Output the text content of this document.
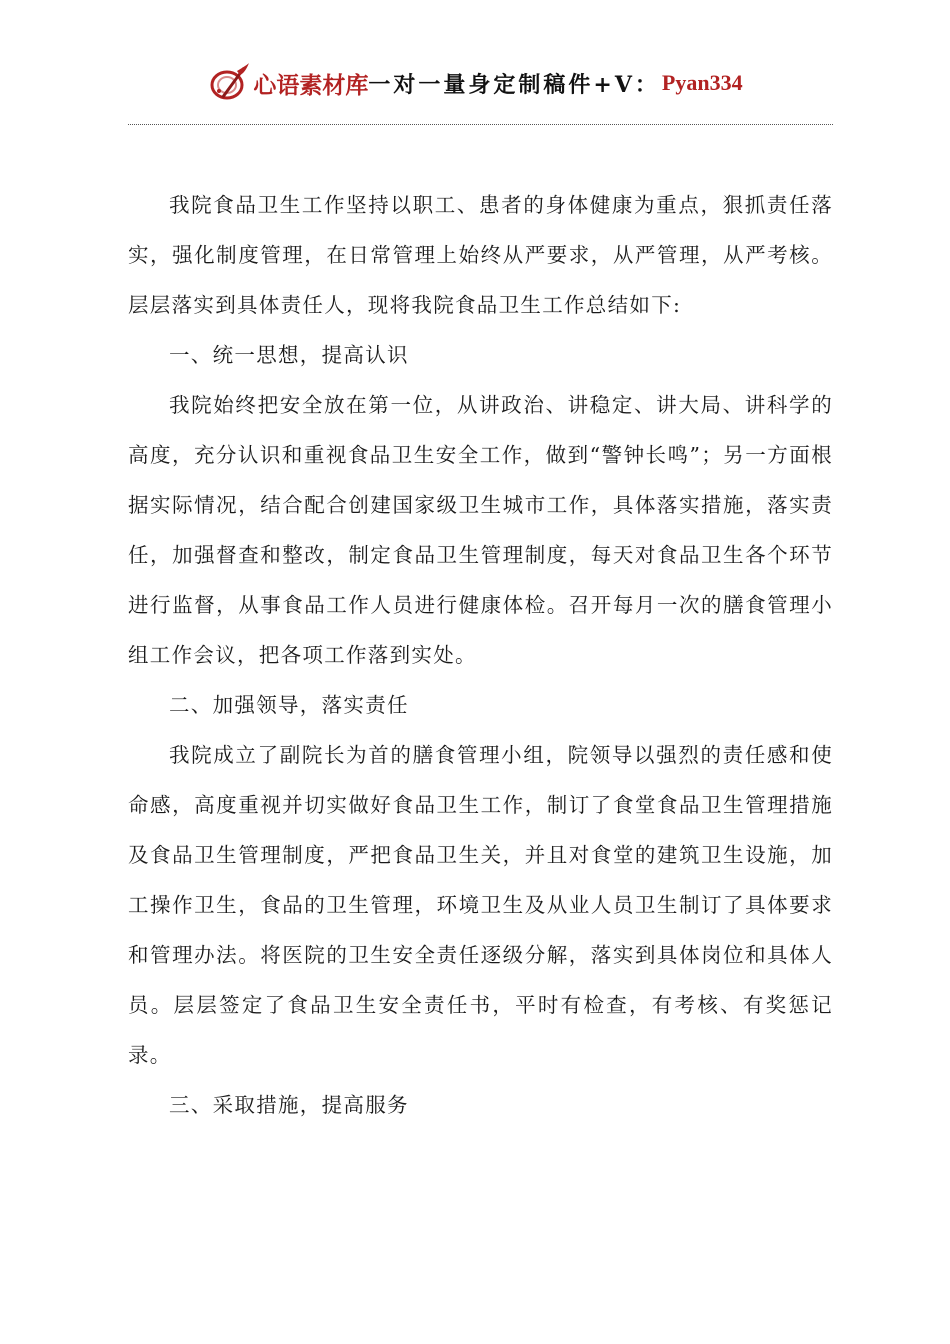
心语素材库 一对一量身定制稿件+V： Pyan334

我院食品卫生工作坚持以职工、患者的身体健康为重点，狠抓责任落实，强化制度管理，在日常管理上始终从严要求，从严管理，从严考核。层层落实到具体责任人，现将我院食品卫生工作总结如下:

一、统一思想，提高认识

我院始终把安全放在第一位，从讲政治、讲稳定、讲大局、讲科学的高度，充分认识和重视食品卫生安全工作，做到“警钟长鸣”；另一方面根据实际情况，结合配合创建国家级卫生城市工作，具体落实措施，落实责任，加强督查和整改，制定食品卫生管理制度，每天对食品卫生各个环节进行监督，从事食品工作人员进行健康体检。召开每月一次的膳食管理小组工作会议，把各项工作落到实处。

二、加强领导，落实责任

我院成立了副院长为首的膳食管理小组，院领导以强烈的责任感和使命感，高度重视并切实做好食品卫生工作，制订了食堂食品卫生管理措施及食品卫生管理制度，严把食品卫生关，并且对食堂的建筑卫生设施，加工操作卫生，食品的卫生管理，环境卫生及从业人员卫生制订了具体要求和管理办法。将医院的卫生安全责任逐级分解，落实到具体岗位和具体人员。层层签定了食品卫生安全责任书，平时有检查，有考核、有奖惩记录。

三、采取措施，提高服务
